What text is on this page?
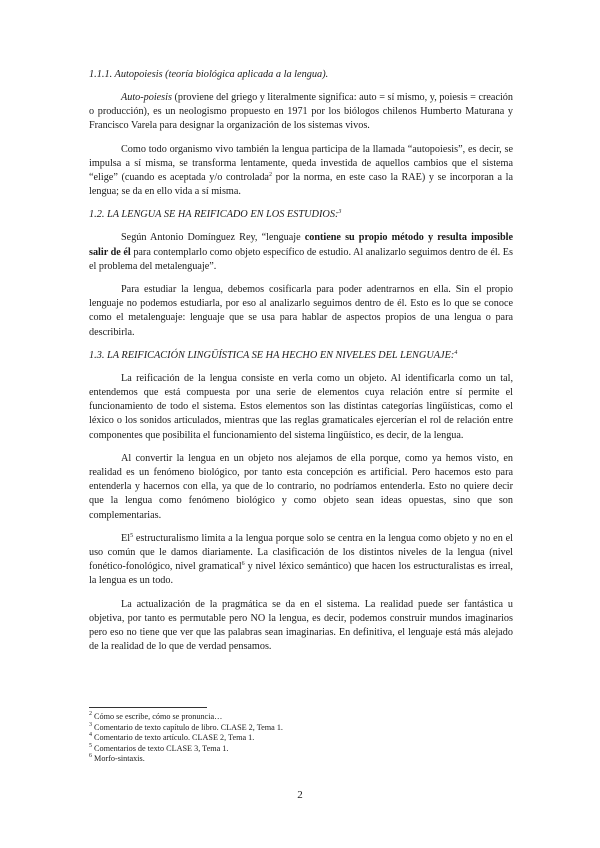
1.1.1. Autopoiesis (teoría biológica aplicada a la lengua).

Auto-poiesis (proviene del griego y literalmente significa: auto = sí mismo, y, poiesis = creación o producción), es un neologismo propuesto en 1971 por los biólogos chilenos Humberto Maturana y Francisco Varela para designar la organización de los sistemas vivos.

Como todo organismo vivo también la lengua participa de la llamada “autopoiesis”, es decir, se impulsa a sí misma, se transforma lentamente, queda investida de aquellos cambios que el sistema “elige” (cuando es aceptada y/o controlada$^2$ por la norma, en este caso la RAE) y se incorporan a la lengua; se da en ello vida a sí misma.

1.2. LA LENGUA SE HA REIFICADO EN LOS ESTUDIOS:$^3$

Según Antonio Domínguez Rey, “lenguaje contiene su propio método y resulta imposible salir de él para contemplarlo como objeto específico de estudio. Al analizarlo seguimos dentro de él. Es el problema del metalenguaje”.

Para estudiar la lengua, debemos cosificarla para poder adentrarnos en ella. Sin el propio lenguaje no podemos estudiarla, por eso al analizarlo seguimos dentro de él. Esto es lo que se conoce como el metalenguaje: lenguaje que se usa para hablar de aspectos propios de una lengua o para describirla.

1.3. LA REIFICACIÓN LINGÜÍSTICA SE HA HECHO EN NIVELES DEL LENGUAJE:$^4$

La reificación de la lengua consiste en verla como un objeto. Al identificarla como un tal, entendemos que está compuesta por una serie de elementos cuya relación entre sí permite el funcionamiento de todo el sistema. Estos elementos son las distintas categorías lingüísticas, como el léxico o los sonidos articulados, mientras que las reglas gramaticales ejercerían el rol de relación entre componentes que posibilita el funcionamiento del sistema lingüístico, es decir, de la lengua.

Al convertir la lengua en un objeto nos alejamos de ella porque, como ya hemos visto, en realidad es un fenómeno biológico, por tanto esta concepción es artificial. Pero hacemos esto para entenderla y hacernos con ella, ya que de lo contrario, no podríamos entenderla. Esto no quiere decir que la lengua como fenómeno biológico y como objeto sean ideas opuestas, sino que son complementarias.

El$^5$ estructuralismo limita a la lengua porque solo se centra en la lengua como objeto y no en el uso común que le damos diariamente. La clasificación de los distintos niveles de la lengua (nivel fonético-fonológico, nivel gramatical$^6$ y nivel léxico semántico) que hacen los estructuralistas es irreal, la lengua es un todo.

La actualización de la pragmática se da en el sistema. La realidad puede ser fantástica u objetiva, por tanto es permutable pero NO la lengua, es decir, podemos construir mundos imaginarios pero eso no tiene que ver que las palabras sean imaginarias. En definitiva, el lenguaje está más alejado de la realidad de lo que de verdad pensamos.

$^2$ Cómo se escribe, cómo se pronuncia…

$^3$ Comentario de texto capítulo de libro. CLASE 2, Tema 1.

$^4$ Comentario de texto artículo. CLASE 2, Tema 1.

$^5$ Comentarios de texto CLASE 3, Tema 1.

$^6$ Morfo-sintaxis.

2
